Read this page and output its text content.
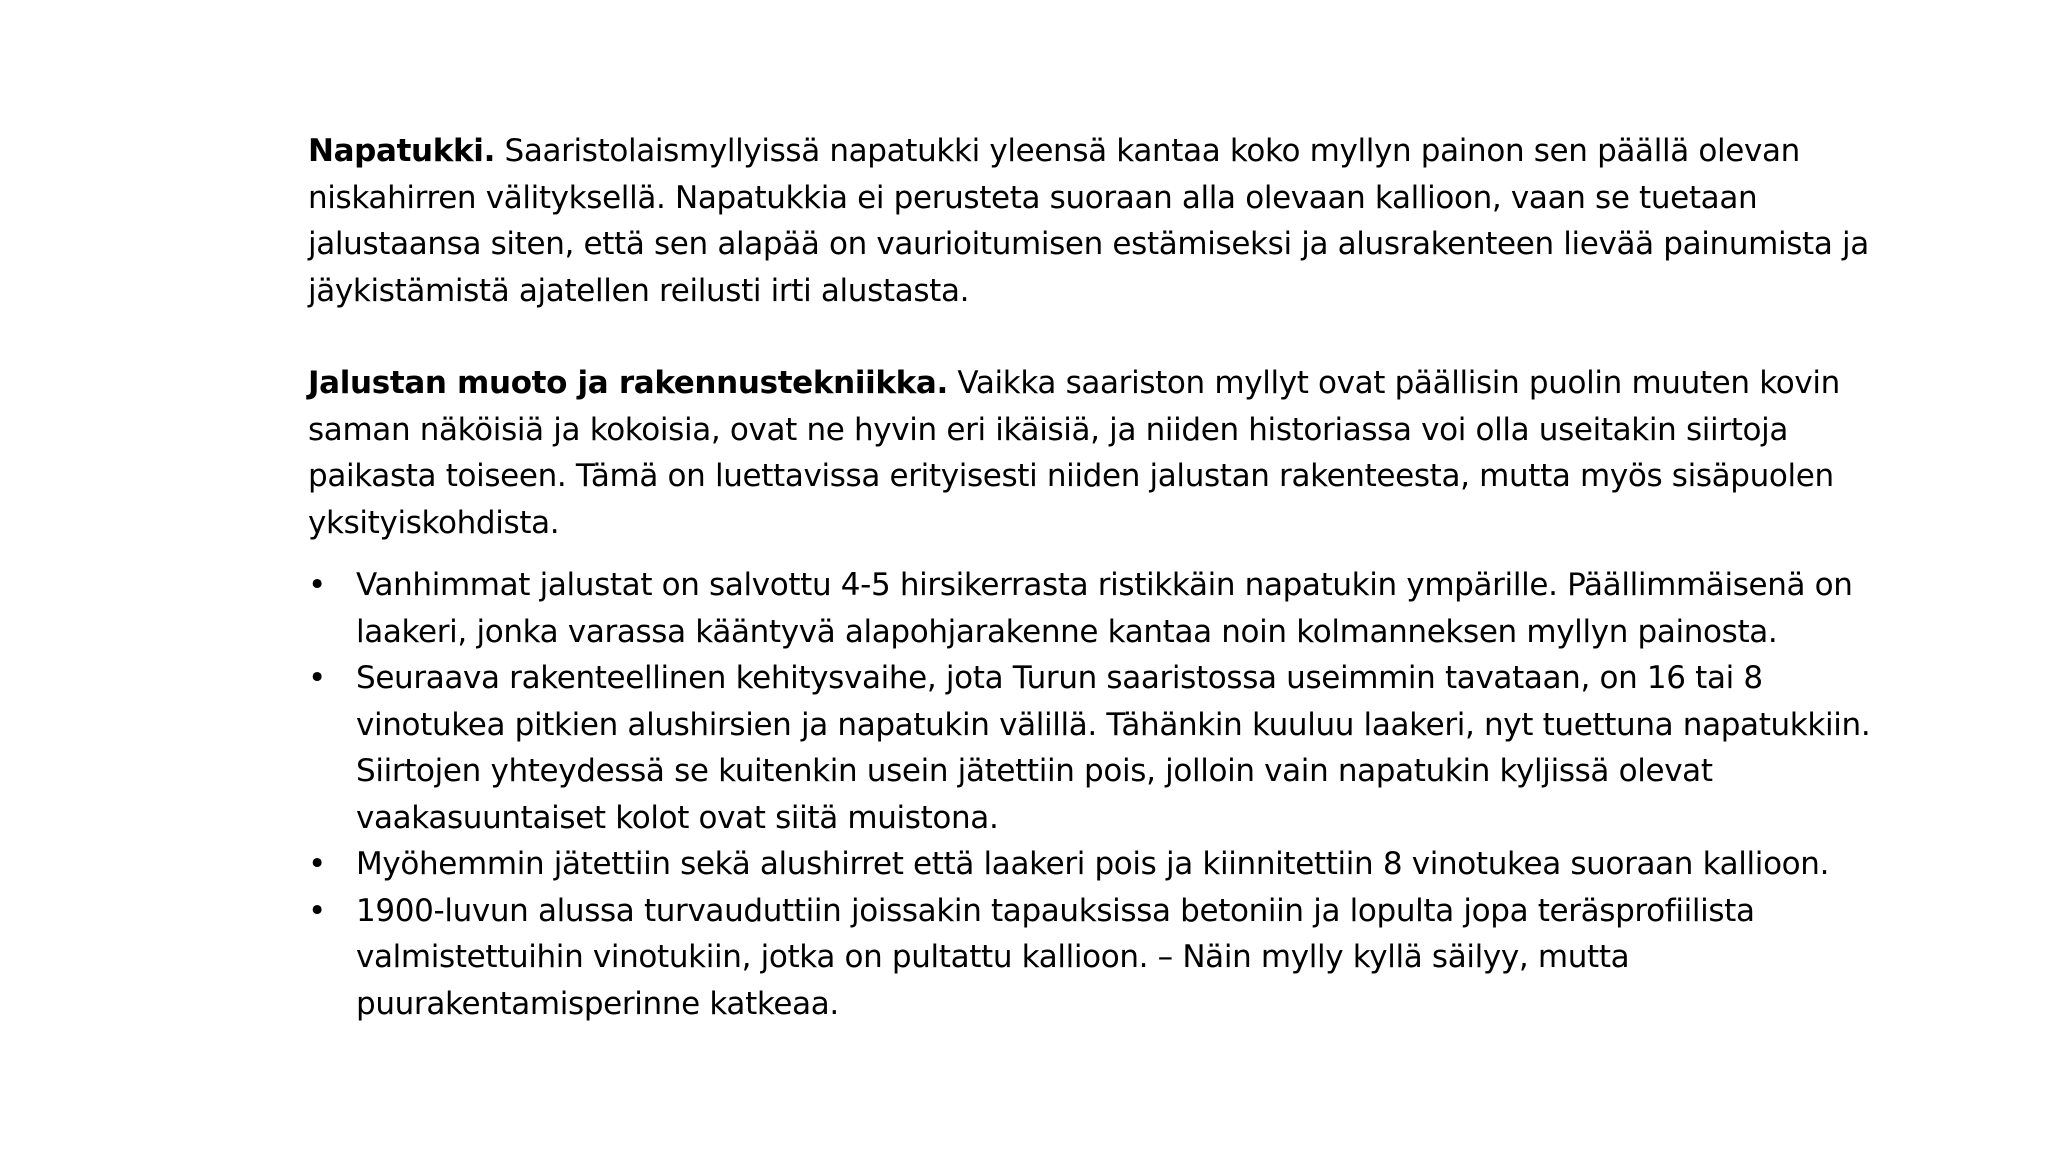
Napatukki. Saaristolaismyllyissä napatukki yleensä kantaa koko myllyn painon sen päällä olevan niskahirren välityksellä. Napatukkia ei perusteta suoraan alla olevaan kallioon, vaan se tuetaan jalustaansa siten, että sen alapää on vaurioitumisen estämiseksi ja alusrakenteen lievää painumista ja jäykistämistä ajatellen reilusti irti alustasta.

Jalustan muoto ja rakennustekniikka. Vaikka saariston myllyt ovat päällisin puolin muuten kovin saman näköisiä ja kokoisia, ovat ne hyvin eri ikäisiä, ja niiden historiassa voi olla useitakin siirtoja paikasta toiseen. Tämä on luettavissa erityisesti niiden jalustan rakenteesta, mutta myös sisäpuolen yksityiskohdista.

• Vanhimmat jalustat on salvottu 4-5 hirsikerrasta ristikkäin napatukin ympärille. Päällimmäisenä on laakeri, jonka varassa kääntyvä alapohjarakenne kantaa noin kolmanneksen myllyn painosta.
• Seuraava rakenteellinen kehitysvaihe, jota Turun saaristossa useimmin tavataan, on 16 tai 8 vinotukea pitkien alushirsien ja napatukin välillä. Tähänkin kuuluu laakeri, nyt tuettuna napatukkiin. Siirtojen yhteydessä se kuitenkin usein jätettiin pois, jolloin vain napatukin kyljissä olevat vaakasuuntaiset kolot ovat siitä muistona.
• Myöhemmin jätettiin sekä alushirret että laakeri pois ja kiinnitettiin 8 vinotukea suoraan kallioon.
• 1900-luvun alussa turvauduttiin joissakin tapauksissa betoniin ja lopulta jopa teräsprofiilista valmistettuihin vinotukiin, jotka on pultattu kallioon. – Näin mylly kyllä säilyy, mutta puurakentamisperinne katkeaa.
